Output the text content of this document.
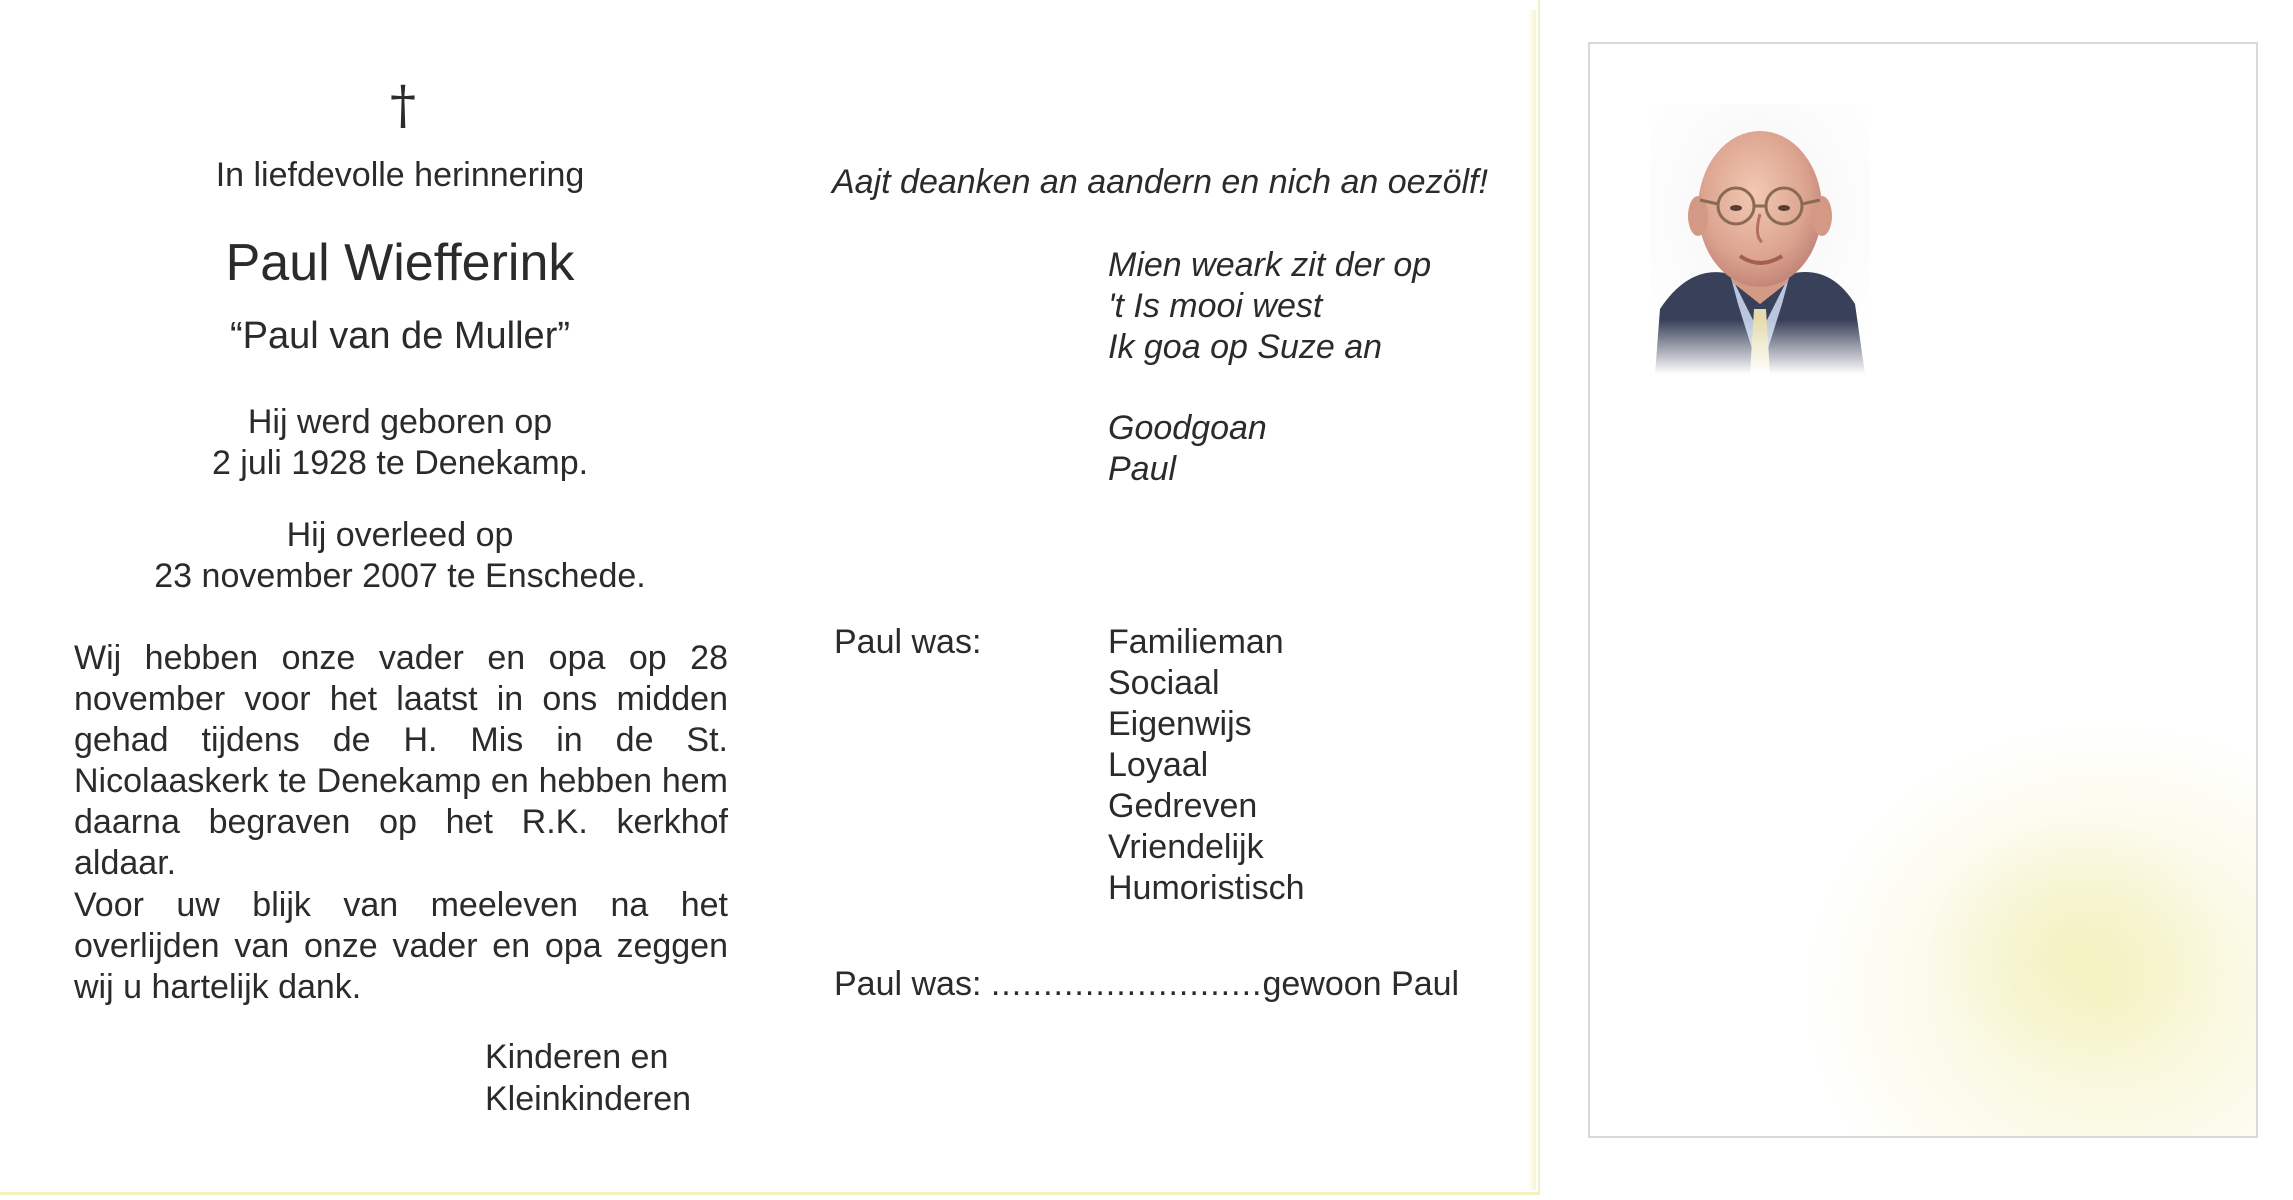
†
In liefdevolle herinnering
Paul Wiefferink
“Paul van de Muller”
Hij werd geboren op
2 juli 1928 te Denekamp.
Hij overleed op
23 november 2007 te Enschede.
Wij hebben onze vader en opa op 28 november voor het laatst in ons midden gehad tijdens de H. Mis in de St. Nicolaaskerk te Denekamp en hebben hem daarna begraven op het R.K. kerkhof aldaar.
Voor uw blijk van meeleven na het overlijden van onze vader en opa zeggen wij u hartelijk dank.
Kinderen en
Kleinkinderen
Aajt deanken an aandern en nich an oezölf!
Mien weark zit der op
't Is mooi west
Ik goa op Suze an
Goodgoan
Paul
Paul was:	Familieman
Sociaal
Eigenwijs
Loyaal
Gedreven
Vriendelijk
Humoristisch
Paul was: ..........................gewoon Paul
